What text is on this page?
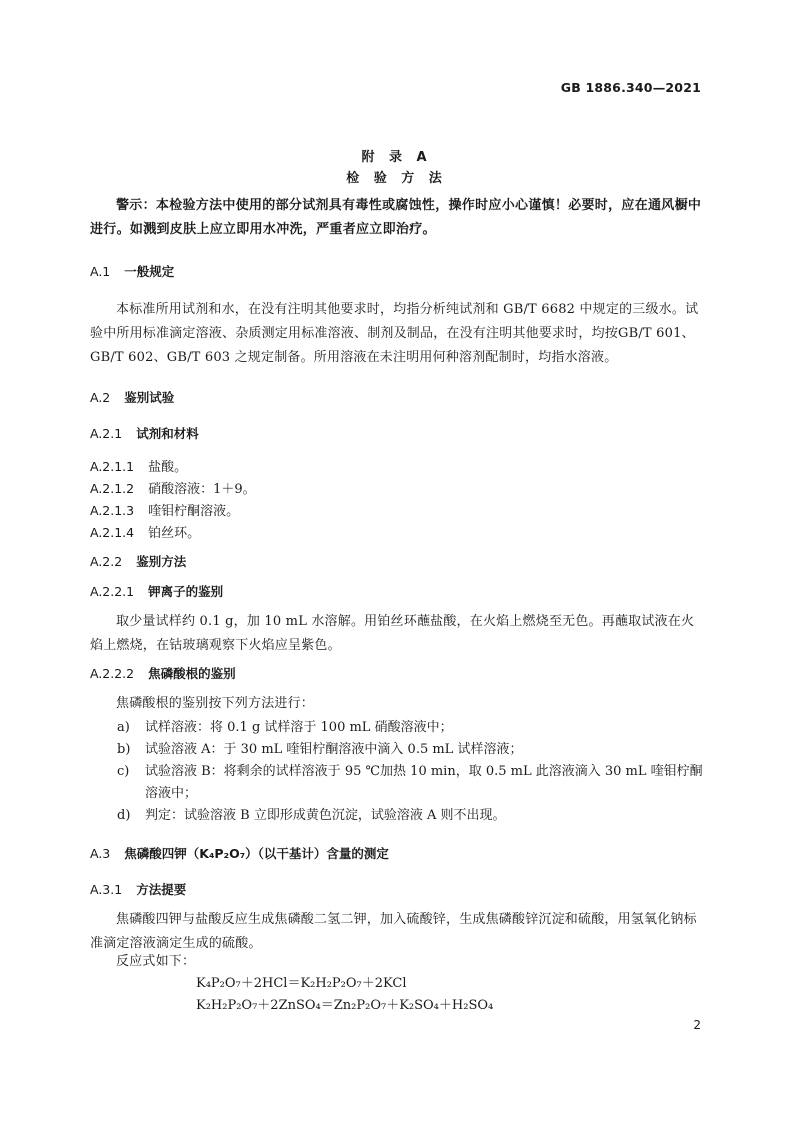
GB 1886.340—2021
附 录 A
检 验 方 法
警示：本检验方法中使用的部分试剂具有毒性或腐蚀性，操作时应小心谨慎！必要时，应在通风橱中进行。如溅到皮肤上应立即用水冲洗，严重者应立即治疗。
A.1 一般规定
本标准所用试剂和水，在没有注明其他要求时，均指分析纯试剂和 GB/T 6682 中规定的三级水。试验中所用标准滴定溶液、杂质测定用标准溶液、制剂及制品，在没有注明其他要求时，均按GB/T 601、GB/T 602、GB/T 603 之规定制备。所用溶液在未注明用何种溶剂配制时，均指水溶液。
A.2 鉴别试验
A.2.1 试剂和材料
A.2.1.1 盐酸。
A.2.1.2 硝酸溶液：1＋9。
A.2.1.3 喹钼柠酮溶液。
A.2.1.4 铂丝环。
A.2.2 鉴别方法
A.2.2.1 钾离子的鉴别
取少量试样约 0.1 g，加 10 mL 水溶解。用铂丝环蘸盐酸，在火焰上燃烧至无色。再蘸取试液在火焰上燃烧，在钴玻璃观察下火焰应呈紫色。
A.2.2.2 焦磷酸根的鉴别
焦磷酸根的鉴别按下列方法进行：
a) 试样溶液：将 0.1 g 试样溶于 100 mL 硝酸溶液中；
b) 试验溶液 A：于 30 mL 喹钼柠酮溶液中滴入 0.5 mL 试样溶液；
c) 试验溶液 B：将剩余的试样溶液于 95 ℃加热 10 min，取 0.5 mL 此溶液滴入 30 mL 喹钼柠酮
溶液中；
d) 判定：试验溶液 B 立即形成黄色沉淀，试验溶液 A 则不出现。
A.3 焦磷酸四钾（K₄P₂O₇）（以干基计）含量的测定
A.3.1 方法提要
焦磷酸四钾与盐酸反应生成焦磷酸二氢二钾，加入硫酸锌，生成焦磷酸锌沉淀和硫酸，用氢氧化钠标准滴定溶液滴定生成的硫酸。
反应式如下：
K₄P₂O₇＋2HCl＝K₂H₂P₂O₇＋2KCl
K₂H₂P₂O₇＋2ZnSO₄＝Zn₂P₂O₇＋K₂SO₄＋H₂SO₄
2
